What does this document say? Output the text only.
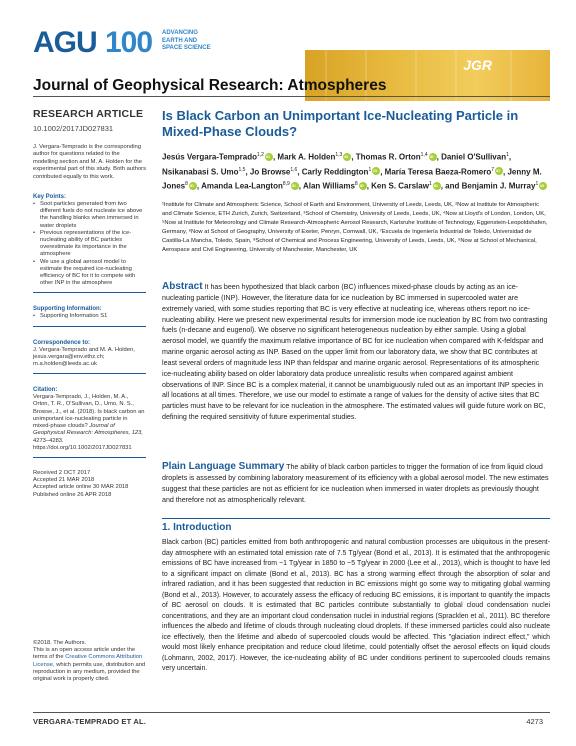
AGU 100 ADVANCING
EARTH AND
SPACE SCIENCE
JGR
Journal of Geophysical Research: Atmospheres
RESEARCH ARTICLE
10.1002/2017JD027831
J. Vergara-Temprado is the corresponding author for questions related to the modelling section and M. A. Holden for the experimental part of this study. Both authors contributed equally to this work.
Key Points:
• Soot particles generated from two different fuels do not nucleate ice above the handling blanks when immersed in water droplets
• Previous representations of the ice-nucleating ability of BC particles overestimate its importance in the atmosphere
• We use a global aerosol model to estimate the required ice-nucleating efficiency of BC for it to compete with other INP in the atmosphere
Supporting Information:
• Supporting Information S1
Correspondence to:
J. Vergara-Temprado and M. A. Holden, jesus.vergara@env.ethz.ch; m.a.holden@leeds.ac.uk
Citation:
Vergara-Temprado, J., Holden, M. A., Orton, T. R., O'Sullivan, D., Umo, N. S., Browse, J., et al. (2018). Is black carbon an unimportant ice-nucleating particle in mixed-phase clouds? Journal of Geophysical Research: Atmospheres, 123, 4273–4283. https://doi.org/10.1002/2017JD027831
Received 2 OCT 2017
Accepted 21 MAR 2018
Accepted article online 30 MAR 2018
Published online 26 APR 2018
©2018. The Authors.
This is an open access article under the terms of the Creative Commons Attribution License, which permits use, distribution and reproduction in any medium, provided the original work is properly cited.
Is Black Carbon an Unimportant Ice-Nucleating Particle in Mixed-Phase Clouds?
Jesús Vergara-Temprado$^{1,2}$ iD , Mark A. Holden$^{1,3}$ iD , Thomas R. Orton$^{1,4}$ iD , Daniel O'Sullivan$^1$, Nsikanabasi S. Umo$^{1,5}$, Jo Browse$^{1,6}$, Carly Reddington$^1$ iD , María Teresa Baeza-Romero$^7$ iD , Jenny M. Jones$^8$ iD , Amanda Lea-Langton$^{8,9}$ iD , Alan Williams$^8$ iD , Ken S. Carslaw$^1$ iD , and Benjamin J. Murray$^1$iD
¹Institute for Climate and Atmospheric Science, School of Earth and Environment, University of Leeds, Leeds, UK, ²Now at Institute for Atmospheric and Climate Science, ETH Zurich, Zurich, Switzerland, ³School of Chemistry, University of Leeds, Leeds, UK, ⁴Now at Lloyd's of London, London, UK, ⁵Now at Institute for Meteorology and Climate Research-Atmospheric Aerosol Research, Karlsruhe Institute of Technology, Eggenstein-Leopoldshafen, Germany, ⁶Now at School of Geography, University of Exeter, Penryn, Cornwall, UK, ⁷Escuela de Ingeniería Industrial de Toledo, Universidad de Castilla-La Mancha, Toledo, Spain, ⁸School of Chemical and Process Engineering, University of Leeds, Leeds, UK, ⁹Now at School of Mechanical, Aerospace and Civil Engineering, University of Manchester, Manchester, UK
Abstract It has been hypothesized that black carbon (BC) influences mixed-phase clouds by acting as an ice-nucleating particle (INP). However, the literature data for ice nucleation by BC immersed in supercooled water are extremely varied, with some studies reporting that BC is very effective at nucleating ice, whereas others report no ice-nucleating ability. Here we present new experimental results for immersion mode ice nucleation by BC from two contrasting fuels (n-decane and eugenol). We observe no significant heterogeneous nucleation by either sample. Using a global aerosol model, we quantify the maximum relative importance of BC for ice nucleation when compared with K-feldspar and marine organic aerosol acting as INP. Based on the upper limit from our laboratory data, we show that BC contributes at least several orders of magnitude less INP than feldspar and marine organic aerosol. Representations of its atmospheric ice-nucleating ability based on older laboratory data produce unrealistic results when compared against ambient observations of INP. Since BC is a complex material, it cannot be unambiguously ruled out as an important INP species in all locations at all times. Therefore, we use our model to estimate a range of values for the density of active sites that BC particles must have to be relevant for ice nucleation in the atmosphere. The estimated values will guide future work on BC, defining the required sensitivity of future experimental studies.
Plain Language Summary The ability of black carbon particles to trigger the formation of ice from liquid cloud droplets is assessed by combining laboratory measurement of its efficiency with a global aerosol model. The new estimates suggest that these particles are not as efficient for ice nucleation when immersed in water droplets as previously thought and therefore not as atmospherically relevant.
1. Introduction
Black carbon (BC) particles emitted from both anthropogenic and natural combustion processes are ubiquitous in the present-day atmosphere with an estimated total emission rate of 7.5 Tg/year (Bond et al., 2013). It is estimated that the anthropogenic emissions of BC have increased from ~1 Tg/year in 1850 to ~5 Tg/year in 2000 (Lee et al., 2013), which is thought to have led to a significant impact on climate (Bond et al., 2013). BC has a strong warming effect through the absorption of solar and infrared radiation, and it has been suggested that reduction in BC emissions might go some way to mitigating global warming (Bond et al., 2013). However, to accurately assess the efficacy of reducing BC emissions, it is important to quantify the impacts of BC aerosol on clouds. It is estimated that BC particles contribute substantially to global cloud condensation nuclei concentrations, and they are an important cloud condensation nuclei in industrial regions (Spracklen et al., 2011). BC therefore influences the albedo and lifetime of clouds through nucleating cloud droplets. If these immersed particles could also nucleate ice effectively, then the lifetime and albedo of supercooled clouds would be affected. This "glaciation indirect effect," which would most likely enhance precipitation and reduce cloud lifetime, could potentially offset the aerosol effects on liquid clouds (Lohmann, 2002, 2017). However, the ice-nucleating ability of BC under conditions pertinent to supercooled clouds remains very uncertain.
VERGARA-TEMPRADO ET AL.	4273
